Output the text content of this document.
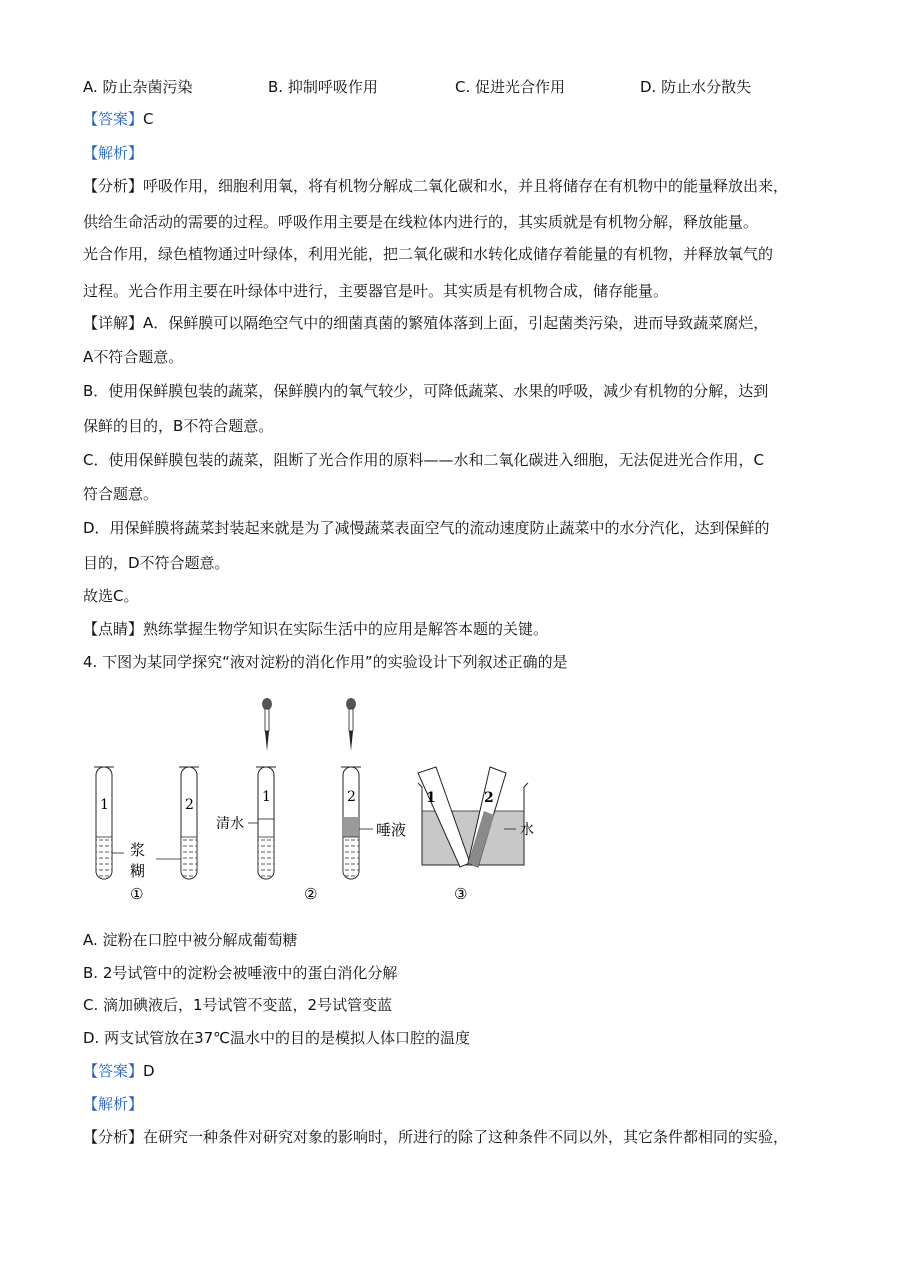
A. 防止杂菌污染	B. 抑制呼吸作用	C. 促进光合作用	D. 防止水分散失
【答案】C
【解析】
【分析】呼吸作用，细胞利用氧，将有机物分解成二氧化碳和水，并且将储存在有机物中的能量释放出来，
供给生命活动的需要的过程。呼吸作用主要是在线粒体内进行的，其实质就是有机物分解，释放能量。
光合作用，绿色植物通过叶绿体，利用光能，把二氧化碳和水转化成储存着能量的有机物，并释放氧气的
过程。光合作用主要在叶绿体中进行，主要器官是叶。其实质是有机物合成，储存能量。
【详解】A．保鲜膜可以隔绝空气中的细菌真菌的繁殖体落到上面，引起菌类污染，进而导致蔬菜腐烂，
A不符合题意。
B．使用保鲜膜包装的蔬菜，保鲜膜内的氧气较少，可降低蔬菜、水果的呼吸，减少有机物的分解，达到
保鲜的目的，B不符合题意。
C．使用保鲜膜包装的蔬菜，阻断了光合作用的原料——水和二氧化碳进入细胞，无法促进光合作用，C
符合题意。
D．用保鲜膜将蔬菜封装起来就是为了减慢蔬菜表面空气的流动速度防止蔬菜中的水分汽化，达到保鲜的
目的，D不符合题意。
故选C。
【点睛】熟练掌握生物学知识在实际生活中的应用是解答本题的关键。
4. 下图为某同学探究“液对淀粉的消化作用”的实验设计下列叙述正确的是
1	2
浆
糊
1
清水
2
唾液
1	2
水
①	②	③
A. 淀粉在口腔中被分解成葡萄糖
B. 2号试管中的淀粉会被唾液中的蛋白消化分解
C. 滴加碘液后，1号试管不变蓝，2号试管变蓝
D. 两支试管放在37℃温水中的目的是模拟人体口腔的温度
【答案】D
【解析】
【分析】在研究一种条件对研究对象的影响时，所进行的除了这种条件不同以外，其它条件都相同的实验，
